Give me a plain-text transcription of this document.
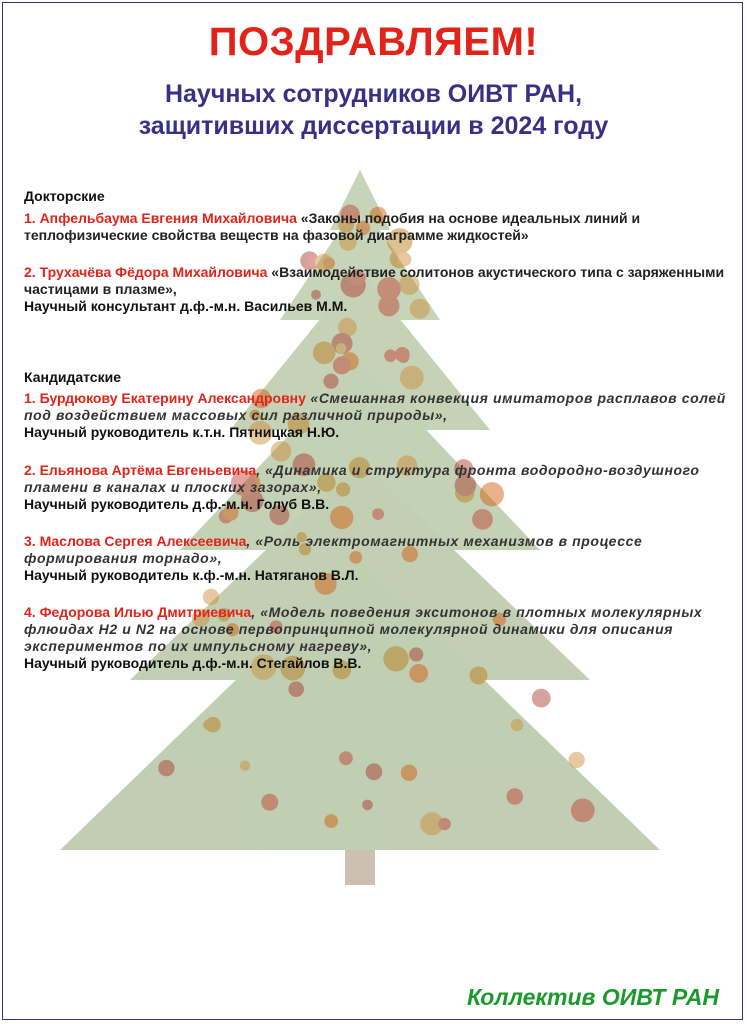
ПОЗДРАВЛЯЕМ!
Научных сотрудников ОИВТ РАН,
защитивших диссертации в 2024 году
Докторские
1. Апфельбаума Евгения Михайловича «Законы подобия на основе идеальных линий и теплофизические свойства веществ на фазовой диаграмме жидкостей»
2. Трухачёва Фёдора Михайловича «Взаимодействие солитонов акустического типа с заряженными частицами в плазме»,
Научный консультант д.ф.-м.н. Васильев М.М.
Кандидатские
1. Бурдюкову Екатерину Александровну «Смешанная конвекция имитаторов расплавов солей под воздействием массовых сил различной природы»,
Научный руководитель к.т.н. Пятницкая Н.Ю.
2. Ельянова Артёма Евгеньевича, «Динамика и структура фронта водородно-воздушного пламени в каналах и плоских зазорах»,
Научный руководитель д.ф.-м.н. Голуб В.В.
3. Маслова Сергея Алексеевича, «Роль электромагнитных механизмов в процессе формирования торнадо»,
Научный руководитель к.ф.-м.н. Натяганов В.Л.
4. Федорова Илью Дмитриевича, «Модель поведения экситонов в плотных молекулярных флюидах H2 и N2 на основе первопринципной молекулярной динамики для описания экспериментов по их импульсному нагреву»,
Научный руководитель д.ф.-м.н. Стегайлов В.В.
Коллектив ОИВТ РАН
